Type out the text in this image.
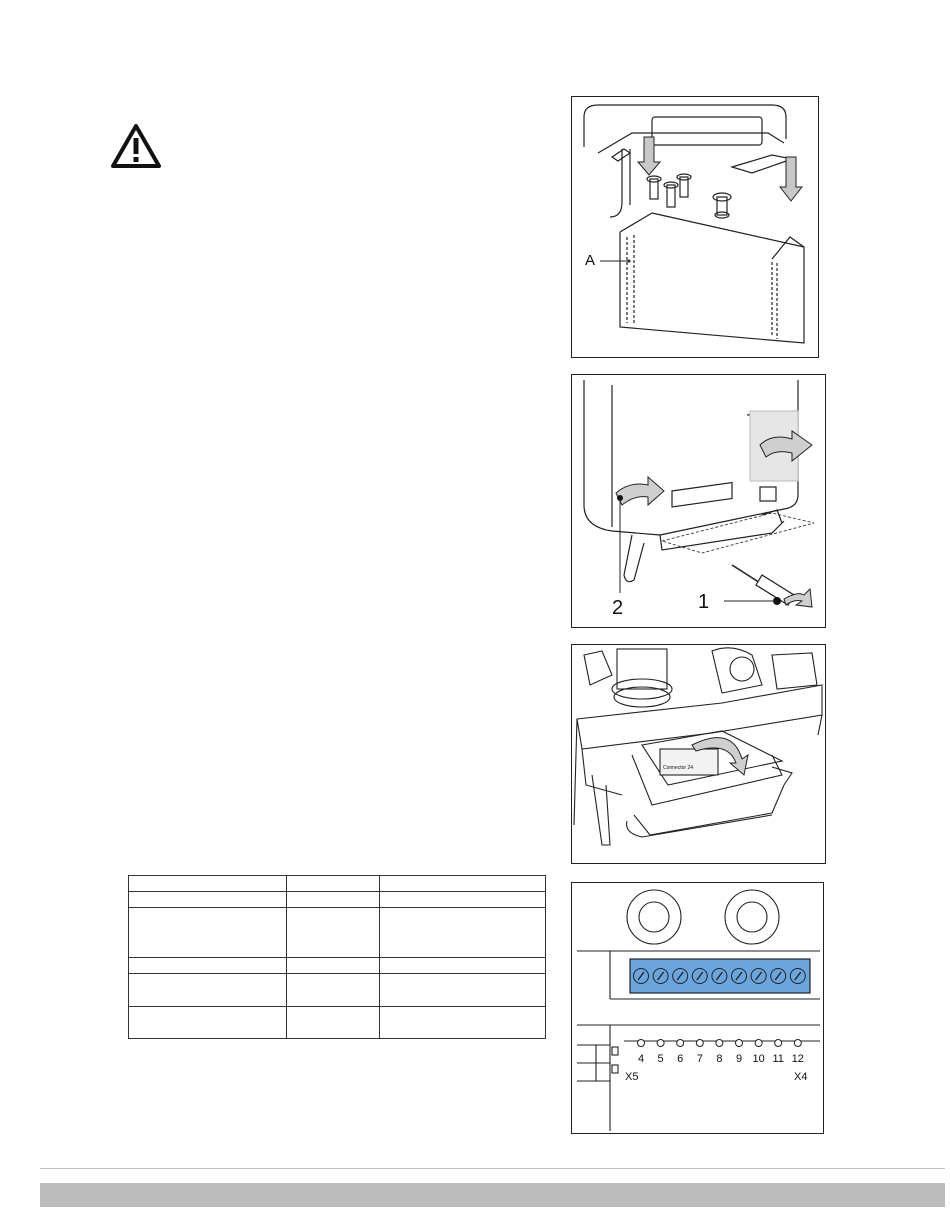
A
2	1
Connector 24

4	5	6	7	8	9 10 11 12
X5	X4
